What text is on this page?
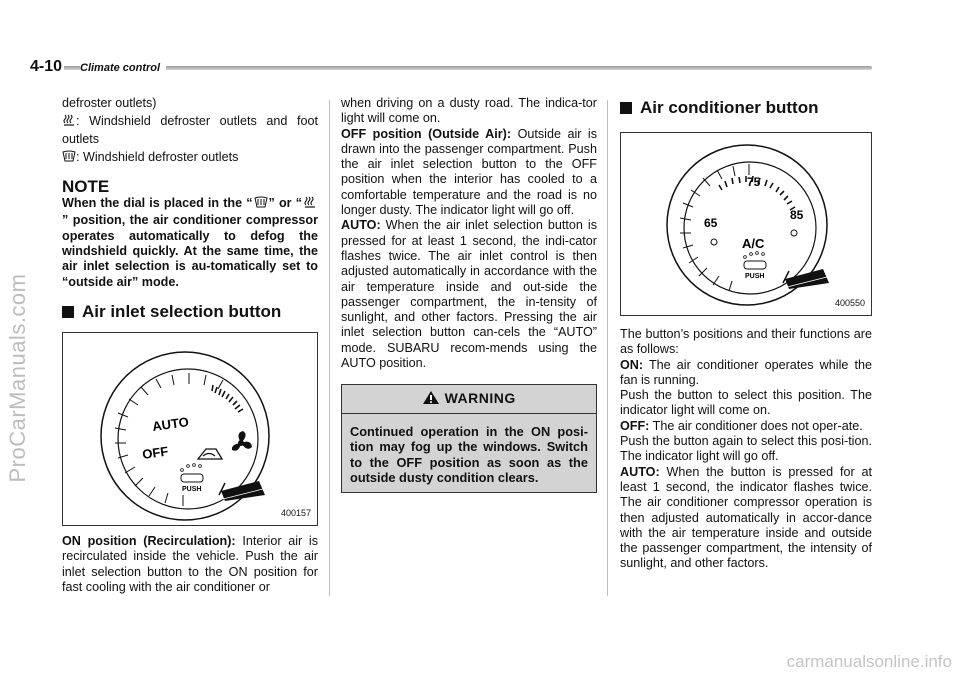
4-10 Climate control

defroster outlets)

: Windshield defroster outlets and foot outlets

: Windshield defroster outlets

NOTE

When the dial is placed in the “ ” or “” position, the air conditioner compressor operates automatically to defog the windshield quickly. At the same time, the air inlet selection is au-tomatically set to “outside air” mode.

Air inlet selection button
AUTO
OFF
PUSH
400157

ON position (Recirculation): Interior air is recirculated inside the vehicle. Push the air inlet selection button to the ON position for fast cooling with the air conditioner or

when driving on a dusty road. The indica-tor light will come on.

OFF position (Outside Air): Outside air is drawn into the passenger compartment. Push the air inlet selection button to the OFF position when the interior has cooled to a comfortable temperature and the road is no longer dusty. The indicator light will go off.

AUTO: When the air inlet selection button is pressed for at least 1 second, the indi-cator flashes twice. The air inlet control is then adjusted automatically in accordance with the air temperature inside and out-side the passenger compartment, the in-tensity of sunlight, and other factors. Pressing the air inlet selection button can-cels the “AUTO” mode. SUBARU recom-mends using the AUTO position.

WARNING
Continued operation in the ON posi-tion may fog up the windows. Switch to the OFF position as soon as the outside dusty condition clears.
Air conditioner button
65
75
85
A/C
PUSH
400550

The button’s positions and their functions are as follows:

ON: The air conditioner operates while the fan is running.

Push the button to select this position. The indicator light will come on.

OFF: The air conditioner does not oper-ate.

Push the button again to select this posi-tion. The indicator light will go off.

AUTO: When the button is pressed for at least 1 second, the indicator flashes twice. The air conditioner compressor operation is then adjusted automatically in accor-dance with the air temperature inside and outside the passenger compartment, the intensity of sunlight, and other factors.

ProCarManuals.com
carmanualsonline.info
